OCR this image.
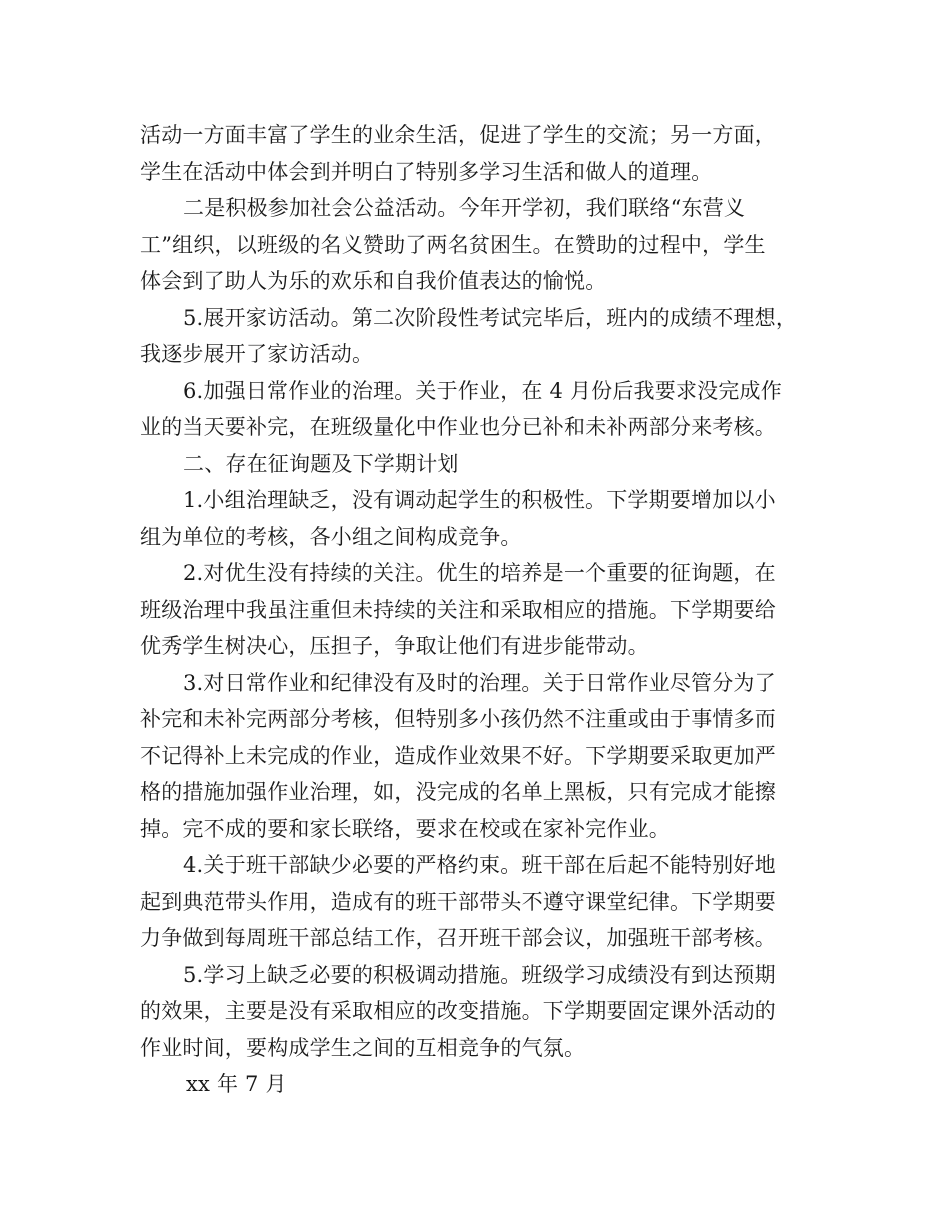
活动一方面丰富了学生的业余生活，促进了学生的交流；另一方面，
学生在活动中体会到并明白了特别多学习生活和做人的道理。
二是积极参加社会公益活动。今年开学初，我们联络“东营义
工”组织，以班级的名义赞助了两名贫困生。在赞助的过程中，学生
体会到了助人为乐的欢乐和自我价值表达的愉悦。
5.展开家访活动。第二次阶段性考试完毕后，班内的成绩不理想，
我逐步展开了家访活动。
6.加强日常作业的治理。关于作业，在 4 月份后我要求没完成作
业的当天要补完，在班级量化中作业也分已补和未补两部分来考核。
二、存在征询题及下学期计划
1.小组治理缺乏，没有调动起学生的积极性。下学期要增加以小
组为单位的考核，各小组之间构成竞争。
2.对优生没有持续的关注。优生的培养是一个重要的征询题，在
班级治理中我虽注重但未持续的关注和采取相应的措施。下学期要给
优秀学生树决心，压担子，争取让他们有进步能带动。
3.对日常作业和纪律没有及时的治理。关于日常作业尽管分为了
补完和未补完两部分考核，但特别多小孩仍然不注重或由于事情多而
不记得补上未完成的作业，造成作业效果不好。下学期要采取更加严
格的措施加强作业治理，如，没完成的名单上黑板，只有完成才能擦
掉。完不成的要和家长联络，要求在校或在家补完作业。
4.关于班干部缺少必要的严格约束。班干部在后起不能特别好地
起到典范带头作用，造成有的班干部带头不遵守课堂纪律。下学期要
力争做到每周班干部总结工作，召开班干部会议，加强班干部考核。
5.学习上缺乏必要的积极调动措施。班级学习成绩没有到达预期
的效果，主要是没有采取相应的改变措施。下学期要固定课外活动的
作业时间，要构成学生之间的互相竞争的气氛。
xx 年 7 月
